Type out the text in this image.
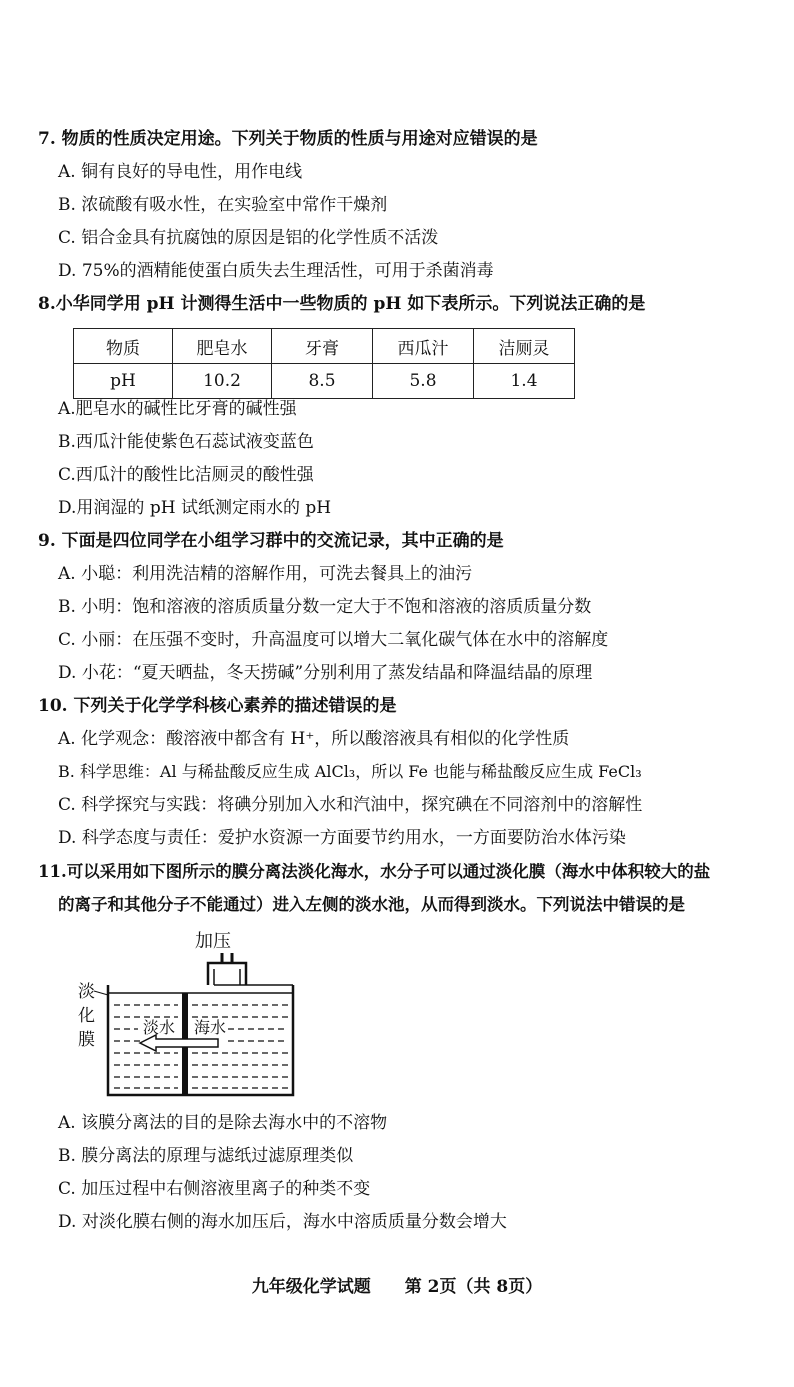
7. 物质的性质决定用途。下列关于物质的性质与用途对应错误的是
A. 铜有良好的导电性，用作电线
B. 浓硫酸有吸水性，在实验室中常作干燥剂
C. 铝合金具有抗腐蚀的原因是铝的化学性质不活泼
D. 75%的酒精能使蛋白质失去生理活性，可用于杀菌消毒
8.小华同学用 pH 计测得生活中一些物质的 pH 如下表所示。下列说法正确的是
物质	肥皂水	牙膏	西瓜汁	洁厕灵
pH	10.2	8.5	5.8	1.4
A.肥皂水的碱性比牙膏的碱性强
B.西瓜汁能使紫色石蕊试液变蓝色
C.西瓜汁的酸性比洁厕灵的酸性强
D.用润湿的 pH 试纸测定雨水的 pH
9. 下面是四位同学在小组学习群中的交流记录，其中正确的是
A. 小聪：利用洗洁精的溶解作用，可洗去餐具上的油污
B. 小明：饱和溶液的溶质质量分数一定大于不饱和溶液的溶质质量分数
C. 小丽：在压强不变时，升高温度可以增大二氧化碳气体在水中的溶解度
D. 小花：“夏天晒盐，冬天捞碱”分别利用了蒸发结晶和降温结晶的原理
10. 下列关于化学学科核心素养的描述错误的是
A. 化学观念：酸溶液中都含有 H⁺，所以酸溶液具有相似的化学性质
B. 科学思维：Al 与稀盐酸反应生成 AlCl₃，所以 Fe 也能与稀盐酸反应生成 FeCl₃
C. 科学探究与实践：将碘分别加入水和汽油中，探究碘在不同溶剂中的溶解性
D. 科学态度与责任：爱护水资源一方面要节约用水，一方面要防治水体污染
11.可以采用如下图所示的膜分离法淡化海水，水分子可以通过淡化膜（海水中体积较大的盐
的离子和其他分子不能通过）进入左侧的淡水池，从而得到淡水。下列说法中错误的是
加压
淡
化
膜
淡水 海水
A. 该膜分离法的目的是除去海水中的不溶物
B. 膜分离法的原理与滤纸过滤原理类似
C. 加压过程中右侧溶液里离子的种类不变
D. 对淡化膜右侧的海水加压后，海水中溶质质量分数会增大
九年级化学试题 第 2页（共 8页）
